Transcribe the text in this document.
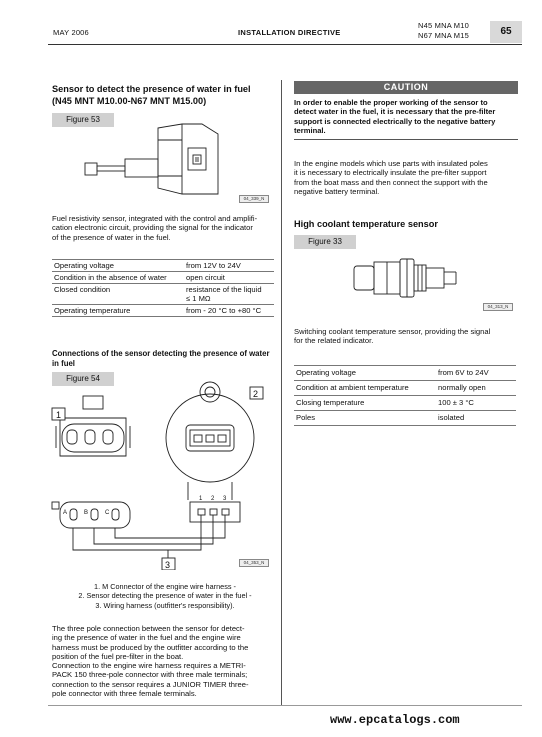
MAY 2006	INSTALLATION DIRECTIVE
N45 MNA M10
N67 MNA M15	65
Sensor to detect the presence of water in fuel
(N45 MNT M10.00-N67 MNT M15.00)
Figure 53
04_339_N
Fuel resistivity sensor, integrated with the control and amplifi-
cation electronic circuit, providing the signal for the indicator
of the presence of water in the fuel.
Operating voltage	from 12V to 24V
Condition in the absence of water	open circuit
Closed condition	resistance of the liquid
≤ 1 MΩ
Operating temperature	from - 20 °C to +80 °C
Connections of the sensor detecting the presence of water
in fuel
Figure 54
1
2
3
1 2 3
A	B	C
04_353_N
1. M Connector of the engine wire harness -
2. Sensor detecting the presence of water in the fuel -
3. Wiring harness (outfitter's responsibility).
The three pole connection between the sensor for detect-
ing the presence of water in the fuel and the engine wire
harness must be produced by the outfitter according to the
position of the fuel pre-filter in the boat.
Connection to the engine wire harness requires a METRI-
PACK 150 three-pole connector with three male terminals;
connection to the sensor requires a JUNIOR TIMER three-
pole connector with three female terminals.
CAUTION
In order to enable the proper working of the sensor to
detect water in the fuel, it is necessary that the pre-filter
support is connected electrically to the negative battery
terminal.
In the engine models which use parts with insulated poles
it is necessary to electrically insulate the pre-filter support
from the boat mass and then connect the support with the
negative battery terminal.
High coolant temperature sensor
Figure 33
04_313_N
Switching coolant temperature sensor, providing the signal
for the related indicator.
Operating voltage	from 6V to 24V
Condition at ambient temperature	normally open
Closing temperature	100 ± 3 °C
Poles	isolated
www.epcatalogs.com
